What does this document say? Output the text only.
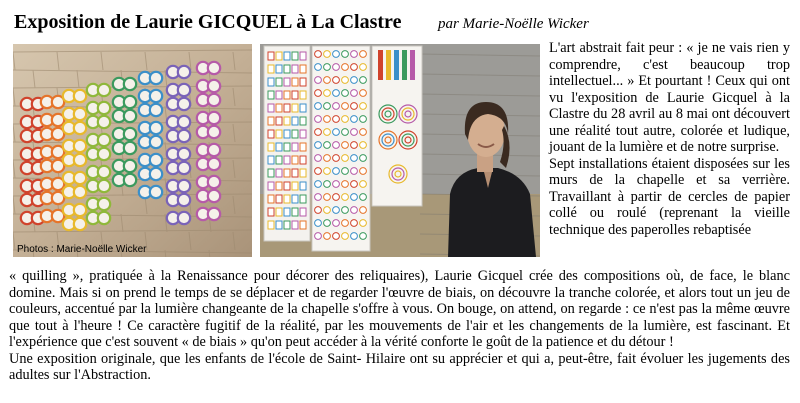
Exposition de Laurie GICQUEL à La Clastre par Marie-Noëlle Wicker
Photos : Marie-Noëlle Wicker

L'art abstrait fait peur : « je ne vais rien y comprendre, c'est beaucoup trop intellectuel... » Et pourtant ! Ceux qui ont vu l'exposition de Laurie Gicquel à la Clastre du 28 avril au 8 mai ont découvert une réalité tout autre, colorée et ludique, jouant de la lumière et de notre surprise.

Sept installations étaient disposées sur les murs de la chapelle et sa verrière. Travaillant à partir de cercles de papier collé ou roulé (reprenant la vieille technique des paperolles rebaptisée

« quilling », pratiquée à la Renaissance pour décorer des reliquaires), Laurie Gicquel crée des compositions où, de face, le blanc domine. Mais si on prend le temps de se déplacer et de regarder l'œuvre de biais, on découvre la tranche colorée, et alors tout un jeu de couleurs, accentué par la lumière changeante de la chapelle s'offre à vous. On bouge, on attend, on regarde : ce n'est pas la même œuvre que tout à l'heure ! Ce caractère fugitif de la réalité, par les mouvements de l'air et les changements de la lumière, est fascinant. Et l'expérience que c'est souvent « de biais » qu'on peut accéder à la vérité conforte le goût de la patience et du détour !

Une exposition originale, que les enfants de l'école de Saint- Hilaire ont su apprécier et qui a, peut-être, fait évoluer les jugements des adultes sur l'Abstraction.
